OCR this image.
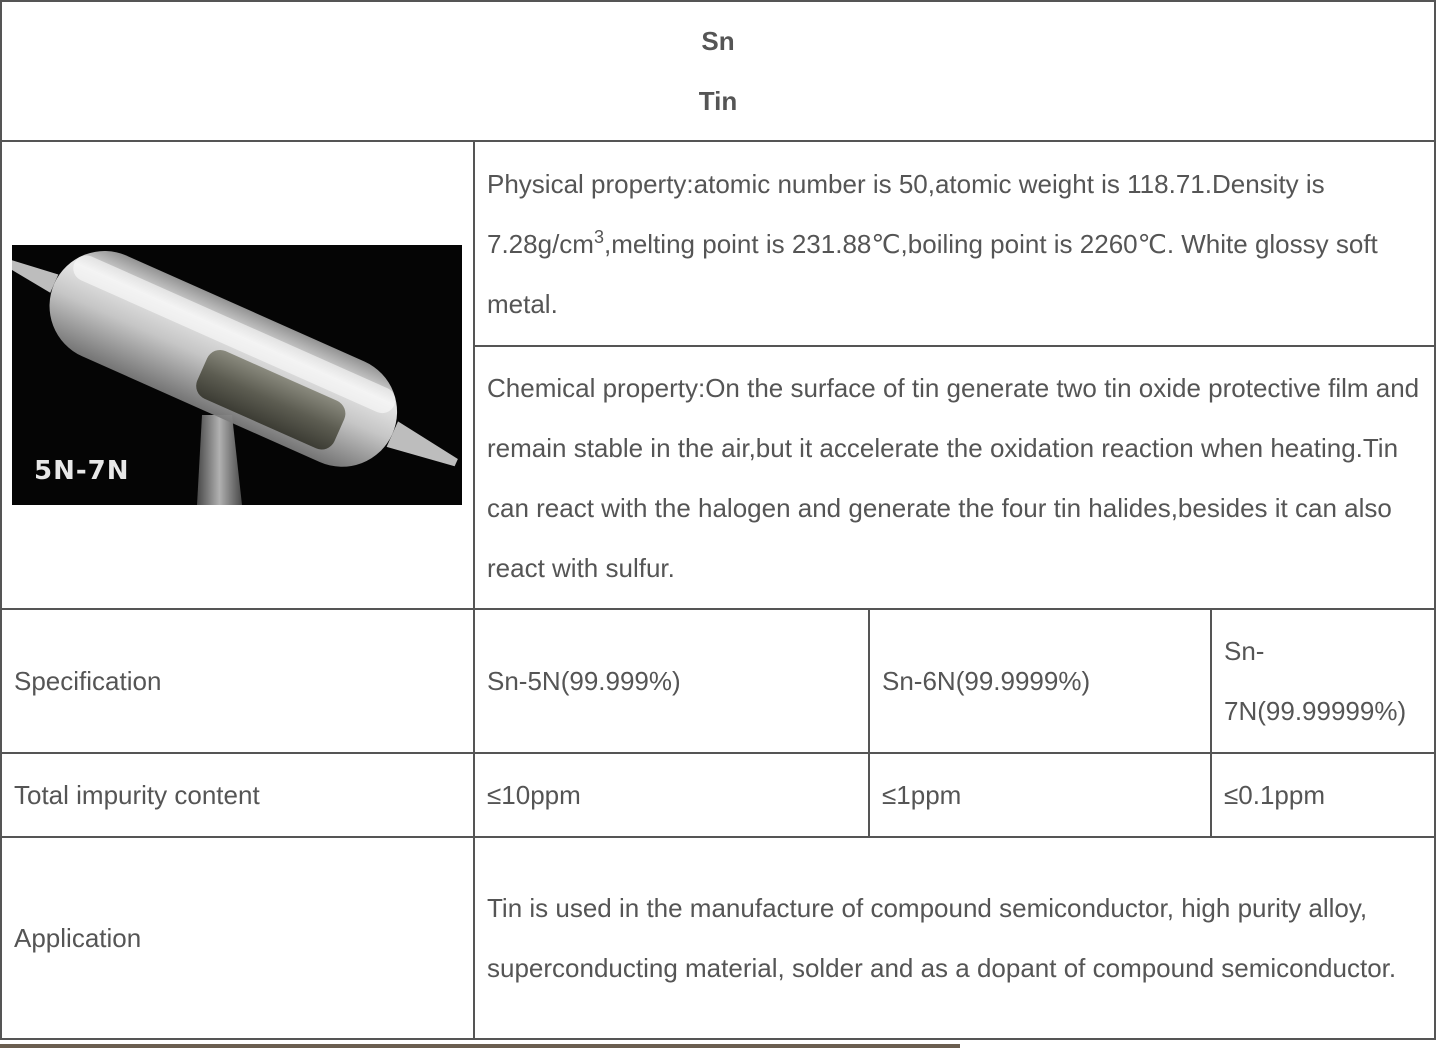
Sn
Tin			

5N-7N	Physical property:atomic number is 50,atomic weight is 118.71.Density is $7.28g/cm^3,melting$ point is 231.88℃,boiling point is 2260℃. White glossy soft metal.		
	Chemical property:On the surface of tin generate two tin oxide protective film and remain stable in the air,but it accelerate the oxidation reaction when heating.Tin can react with the halogen and generate the four tin halides,besides it can also react with sulfur.		
Specification	Sn-5N(99.999%)	Sn-6N(99.9999%)	Sn-7N(99.99999%)
Total impurity content	≤10ppm	≤1ppm	≤0.1ppm
Application	Tin is used in the manufacture of compound semiconductor, high purity alloy, superconducting material, solder and as a dopant of compound semiconductor.		
